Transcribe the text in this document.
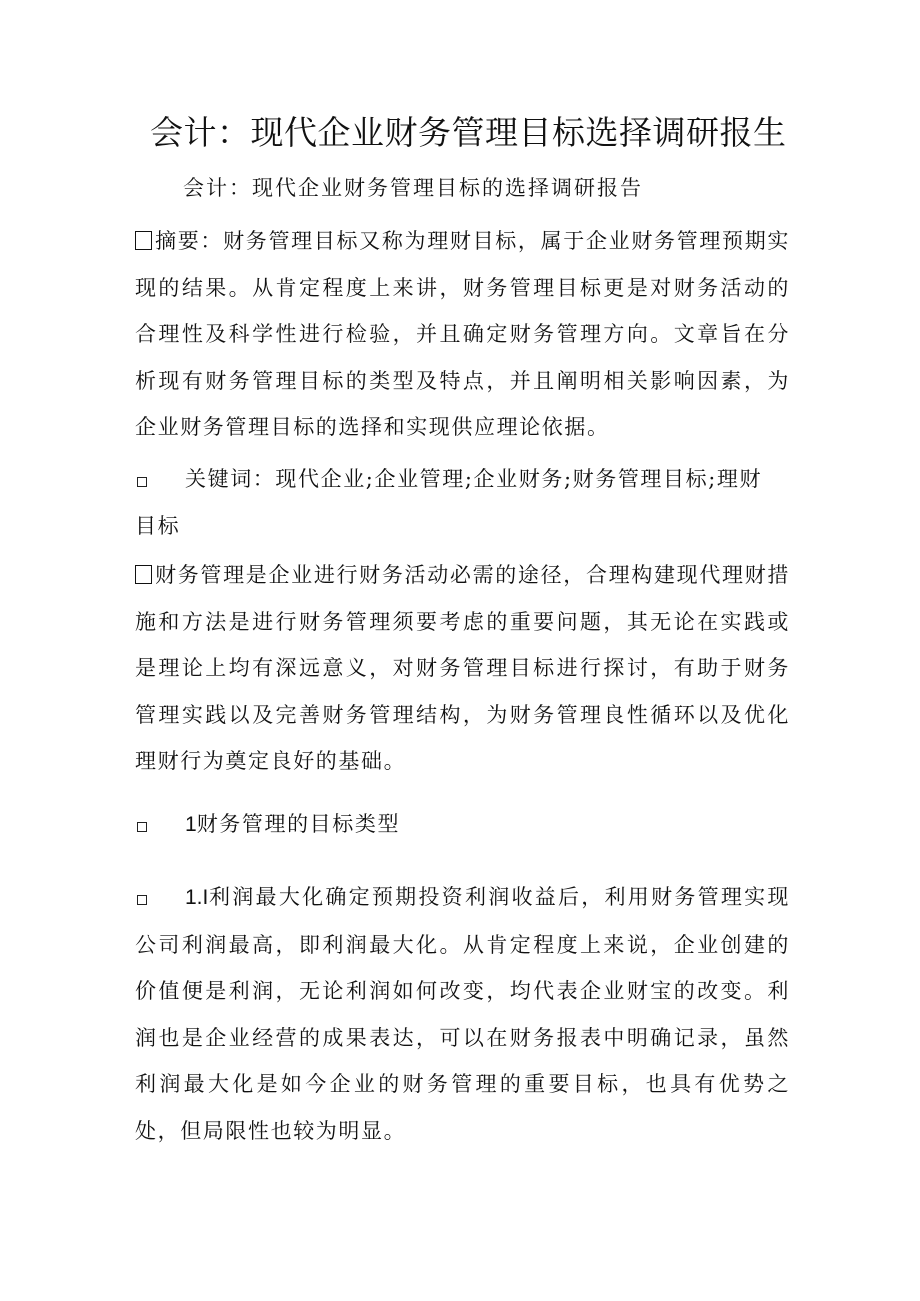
会计：现代企业财务管理目标选择调研报生
会计：现代企业财务管理目标的选择调研报告
摘要：财务管理目标又称为理财目标，属于企业财务管理预期实现的结果。从肯定程度上来讲，财务管理目标更是对财务活动的合理性及科学性进行检验，并且确定财务管理方向。文章旨在分析现有财务管理目标的类型及特点，并且阐明相关影响因素，为企业财务管理目标的选择和实现供应理论依据。
关键词：现代企业;企业管理;企业财务;财务管理目标;理财
目标
财务管理是企业进行财务活动必需的途径，合理构建现代理财措施和方法是进行财务管理须要考虑的重要问题，其无论在实践或是理论上均有深远意义，对财务管理目标进行探讨，有助于财务管理实践以及完善财务管理结构，为财务管理良性循环以及优化理财行为奠定良好的基础。
1财务管理的目标类型
1.I利润最大化确定预期投资利润收益后，利用财务管理实现公司利润最高，即利润最大化。从肯定程度上来说，企业创建的价值便是利润，无论利润如何改变，均代表企业财宝的改变。利润也是企业经营的成果表达，可以在财务报表中明确记录，虽然利润最大化是如今企业的财务管理的重要目标，也具有优势之处，但局限性也较为明显。
